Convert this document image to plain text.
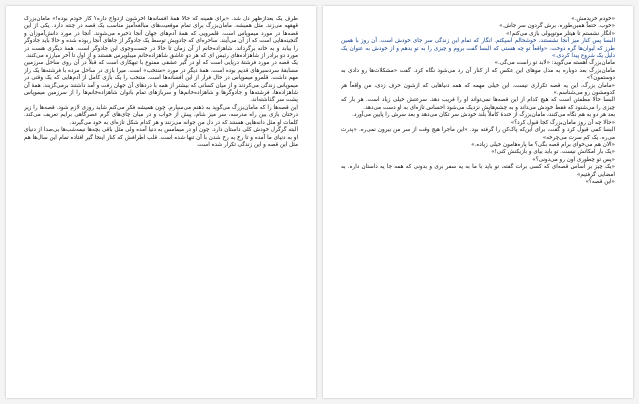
طرف یک بعدازظهر دل شد. «برای همینه که حالا همهٔ افسانه‌ها آخرشون ازدواج داره؟ کار خودم بوده!» مامان‌بزرگ قهقهه می‌زند. مثل همیشه. مامان‌بزرگ برای تمام موقعیت‌های مبالغه‌آمیزِ مناسب یک قصه در چنته دارد. یکی از این قصه‌ها در مورد میموپاس است. قلمرویی که همهٔ آدم‌های جهان آنجا ذخیره می‌شوند. آنجا در مورد دانش‌آموزان و گنجینه‌هایی است که از آن می‌آیند. ساحره‌ای که جادویش توسط یک جادوگر از جاهای آنجا ربوده شده و حالا باید جادوگر را بیابد و به خانه برگرداند. شاهزاده‌خانم از آن زمان تا حالا در جست‌وجوی این جادوگر است. همهٔ دیگری هست در مورد دو برادر از شاهزاده‌های رئیس ای که هر دو عاشق شاهزاده‌خانم میبلویرس هستند و از اول تا آخر مبارزه می‌کنند.

یک قصه در مورد فرشتهٔ دریایی است که او در گیر عشقی ممنوع با تبهکاری است که قبلاً در آن روی ساحل سرزمین مسابقهٔ سردسیرهای قدیم بوده است. همهٔ دیگر در مورد «منتخب» است. میرا بازی در ساحل مرده با فرشته‌ها یک راز مهم داشت. قلمرو میموپاس در حال فرار از این افسانه‌ها است. منتخب را یک بازی کامل از آدم‌هایی که یک وقتی در میموپاس زندگی می‌کردند و از میان کسانی که بیشتر از همه با دردهای آن جهان رفت و آمد داشتند برمی‌گزیند. همهٔ آن شاهزاده‌ها، فرشته‌ها و جادوگرها و شاهزاده‌خانم‌ها و سربازهای تمام بانوان شاهزاده‌خانم‌ها را از سرزمین میموپاس پشت سر گذاشته‌اند.

این قصه‌ها را که مامان‌بزرگ می‌گوید به ذهنم می‌سپارم. چون همیشه فکر می‌کنم شاید روزی ‌لازم شود. قصه‌ها را زیر درختان بازی بین راه مدرسه، سر میز شام، پیش از خواب و در میان چای‌های گرم عصرگاهی برایم تعریف می‌کند. کلمات او مثل دانه‌هایی هستند که در دل من جوانه می‌زنند و هر کدام شکل تازه‌ای به خود می‌گیرند.

البته گرگرل خودش کلی داستان دارد. چون او در میمامس به دنیا آمده ولی مثل باقی بچه‌ها نیمه‌شب‌ها بی‌صدا از دنیای او به دنیای ما آمده و تا رخ به رخ شدن با آن تنها شده است. قلب اطرافش که کنار اینجا گیر افتاده تمام این سال‌ها هم مثل این قصه و این زندگی تکرار شده است.

«خودم خریدمش.»

«خوب. حتماً همین‌طوره. برش گردون سر جاش.»

«انگار نشستم تا هیتلر موتوپولی بازی می‌کنم!»

البسا پس کنار میز آنجا نشستند، خوشحالم اسپکتم. انگار که تمام این زندگی سر جای خودش است. آن روز با همین طرز که لیوان‌ها گره دوخت. «واقعاً تو چه هستی که البسا گفت بروم و چیزی را به تو بدهم و از خودش به عنوان یک دلیل یک شروع پیدا کردی.»

مامان‌بزرگ آهسته می‌گوید: «لابد تو راست می‌گی.»

مامان‌بزرگ بعد دوباره به مدل موهای این عکس که از کنار آن رد می‌شود نگاه کرد. گفت «مشکلات‌ها رو دادی به دوستمون؟»

«مامان بزرگ، این یه قصه تکراری نیست. این خیلی مهمه که همه دنیاهایی که ازشون حرف زدی، من واقعاً هر کدومشون رو می‌شناسم.»

البسا حالا مطمئن است که هیچ کدام از این قصه‌ها نمی‌تواند او را فریب دهد. سرعتش خیلی زیاد است. هر بار که چیزی را می‌شنود که فقط خودش می‌داند و به چشم‌هایش نزدیک می‌شود احساس تازه‌ای به او دست می‌دهد.

بعد هر دو به هم نگاه می‌کنند، مامان‌بزرگ از خندهٔ کاملاً بلند خودش سر تکان می‌دهد و بعد سرش را پایین می‌آورد.

«حالا چه آن روز مامان‌بزرگ کجا قبول کرد؟»

البسا کمی قبول کرد و گفت، برای این‌که پاک‌کن را گرفته بود. «این ماجرا هیچ وقت از سر من بیرون نمی‌ره. «پدرت می‌ره. یک کم سرت می‌چرخه»

«الان هم می‌خوای برام قصه بگی؟ ما پاره‌هامون خیلی زیاده.»

«یک بار امکانش نیست. تو باید بیای و بازیکنش کنی!»

«پس تو چطوری اون رو می‌دونی؟»

«یک چیز بر اساس قصه‌ای که کسی برات گفته، تو باید با ما به یه سفر بری و بدونی که همه جا یه داستان داره. به امضایی گرفتیم»

«این قصه؟»
